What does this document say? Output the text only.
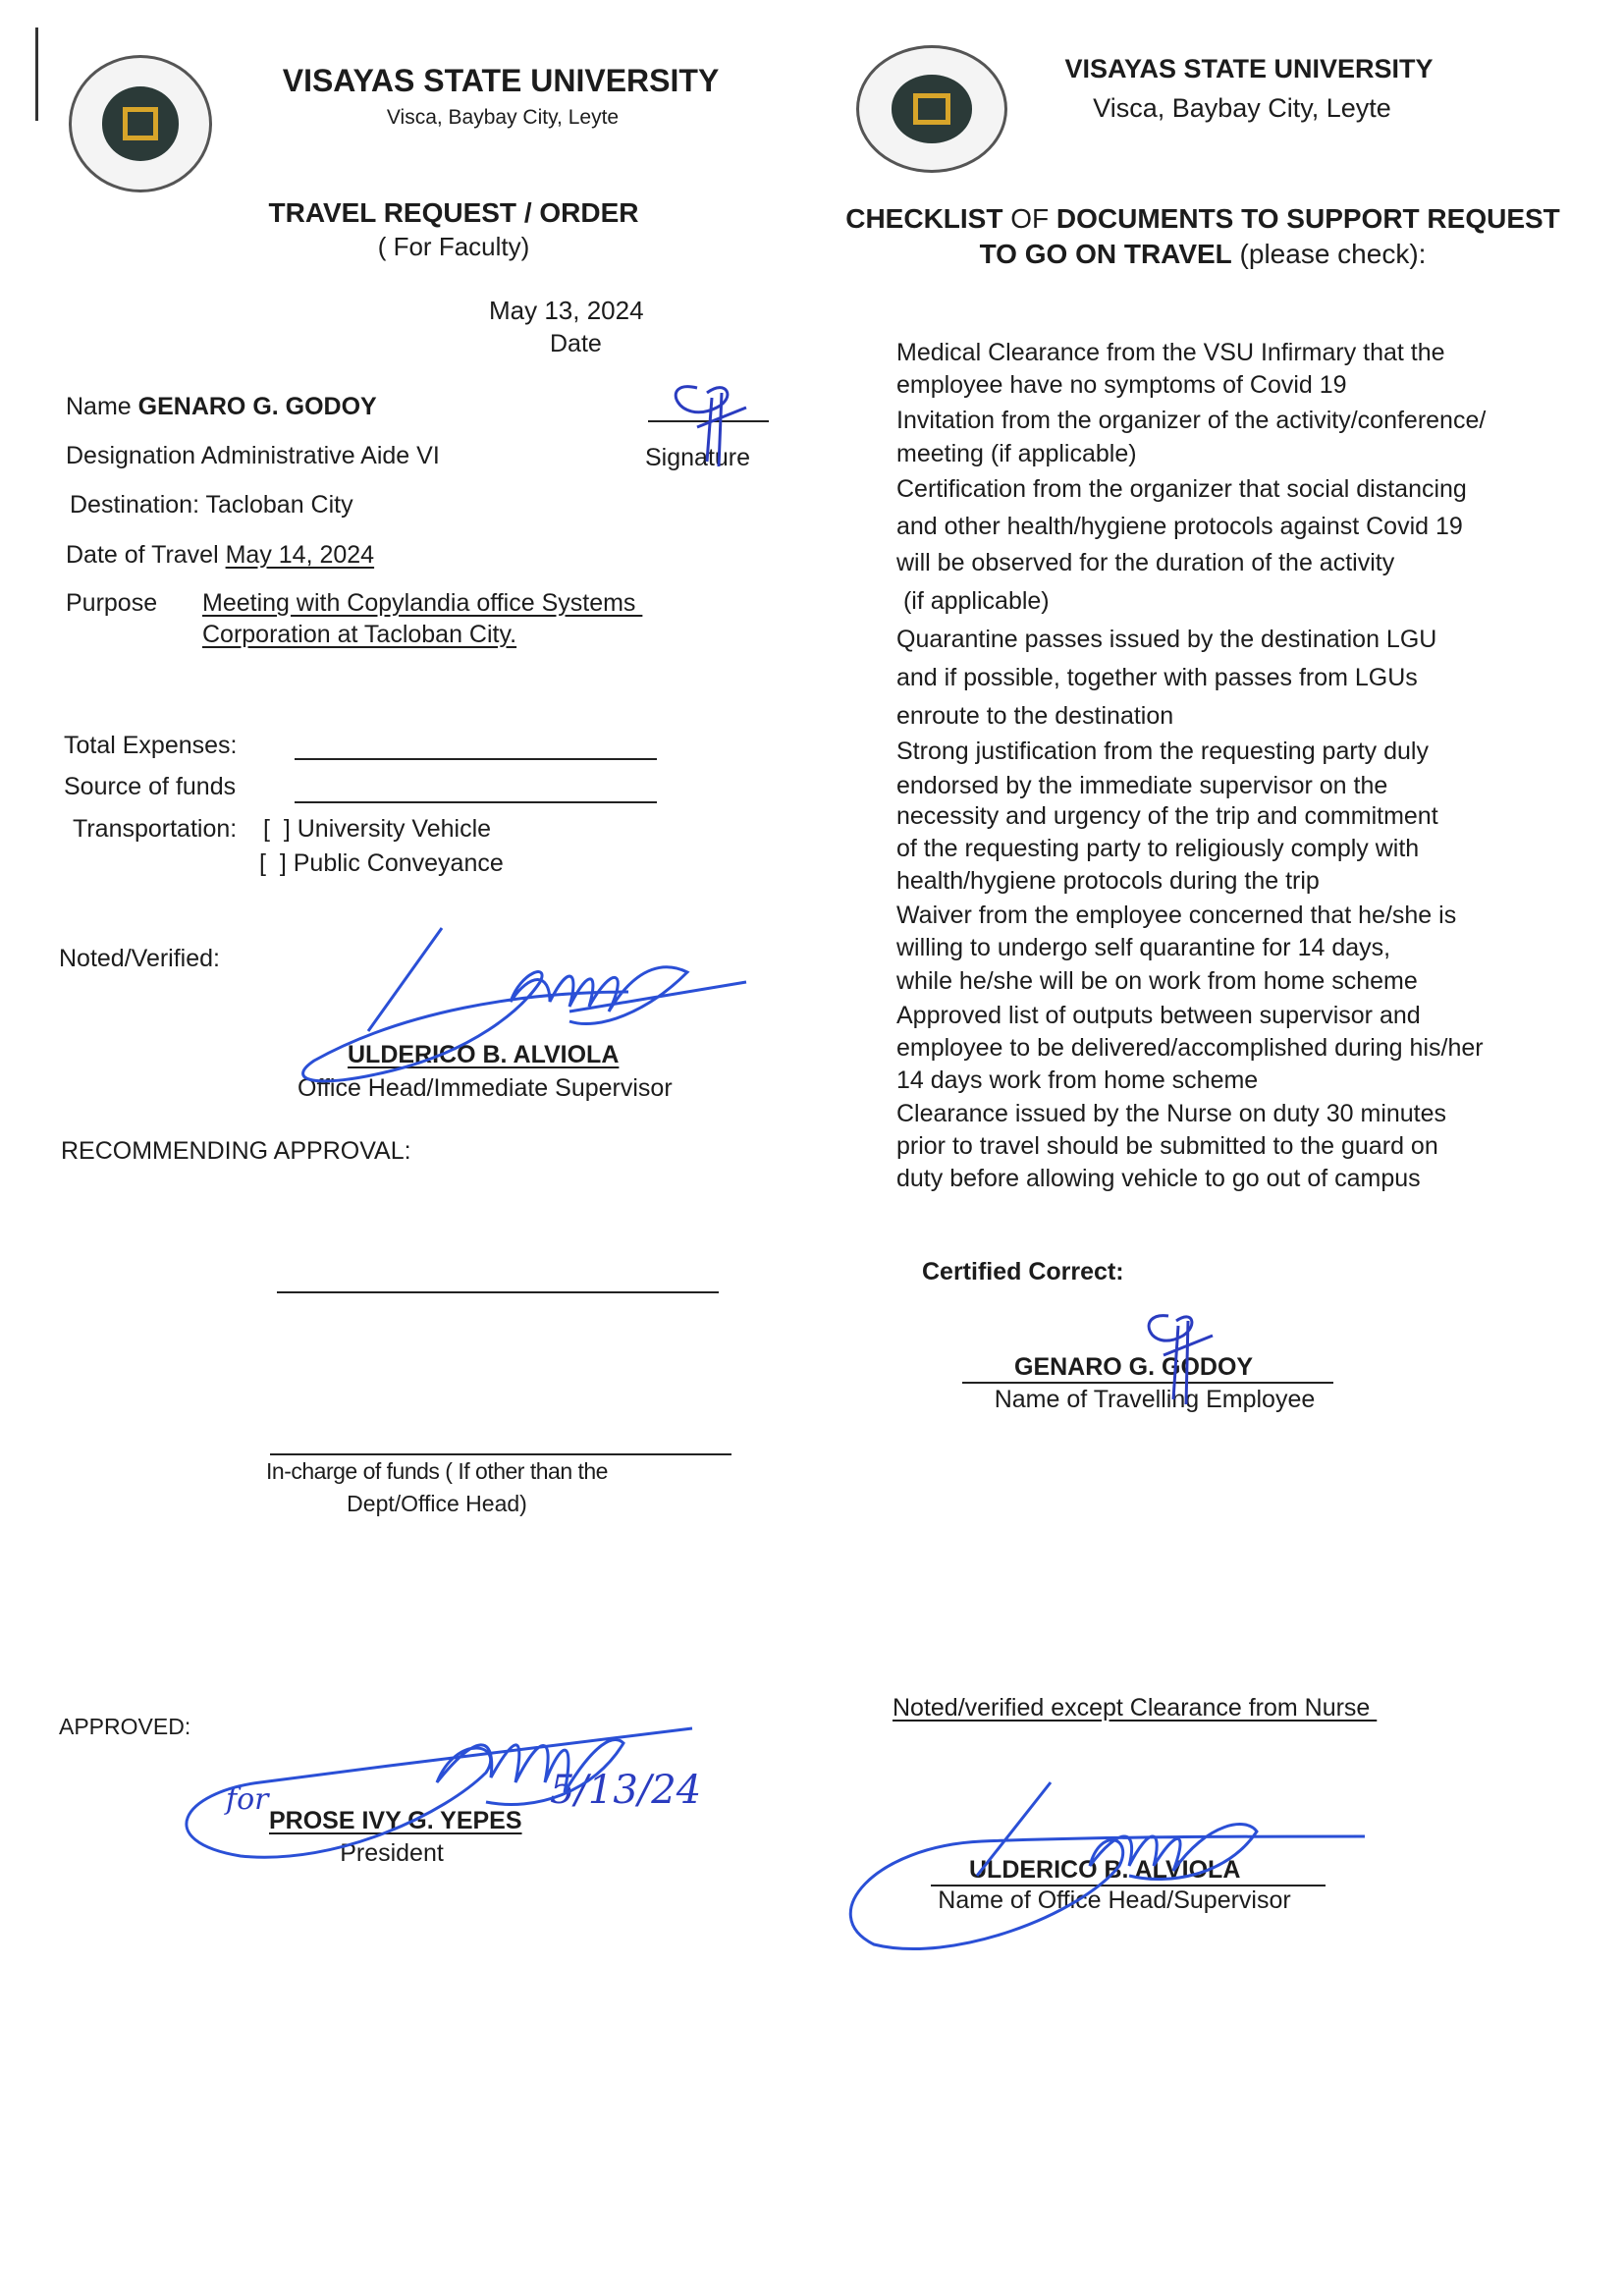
VISAYAS STATE UNIVERSITY
Visca, Baybay City, Leyte
TRAVEL REQUEST / ORDER
( For Faculty)
May 13, 2024
Date
Name GENARO G. GODOY
Signature
Designation Administrative Aide VI
Destination: Tacloban City
Date of Travel May 14, 2024
Purpose Meeting with Copylandia office Systems
Corporation at Tacloban City.
Total Expenses:
Source of funds
Transportation: [  ] University Vehicle
[  ] Public Conveyance
Noted/Verified:
ULDERICO B. ALVIOLA
Office Head/Immediate Supervisor
RECOMMENDING APPROVAL:
In-charge of funds ( If other than the
Dept/Office Head)
APPROVED:
for
PROSE IVY G. YEPES
President
5/13/24
VISAYAS STATE UNIVERSITY
Visca, Baybay City, Leyte
CHECKLIST OF DOCUMENTS TO SUPPORT REQUEST
TO GO ON TRAVEL (please check):
Medical Clearance from the VSU Infirmary that the
employee have no symptoms of Covid 19
Invitation from the organizer of the activity/conference/
meeting (if applicable)
Certification from the organizer that social distancing
and other health/hygiene protocols against Covid 19
will be observed for the duration of the activity
(if applicable)
Quarantine passes issued by the destination LGU
and if possible, together with passes from LGUs
enroute to the destination
Strong justification from the requesting party duly
endorsed by the immediate supervisor on the
necessity and urgency of the trip and commitment
of the requesting party to religiously comply with
health/hygiene protocols during the trip
Waiver from the employee concerned that he/she is
willing to undergo self quarantine for 14 days,
while he/she will be on work from home scheme
Approved list of outputs between supervisor and
employee to be delivered/accomplished during his/her
14 days work from home scheme
Clearance issued by the Nurse on duty 30 minutes
prior to travel should be submitted to the guard on
duty before allowing vehicle to go out of campus
Certified Correct:
GENARO G. GODOY
Name of Travelling Employee
Noted/verified except Clearance from Nurse
ULDERICO B. ALVIOLA
Name of Office Head/Supervisor
